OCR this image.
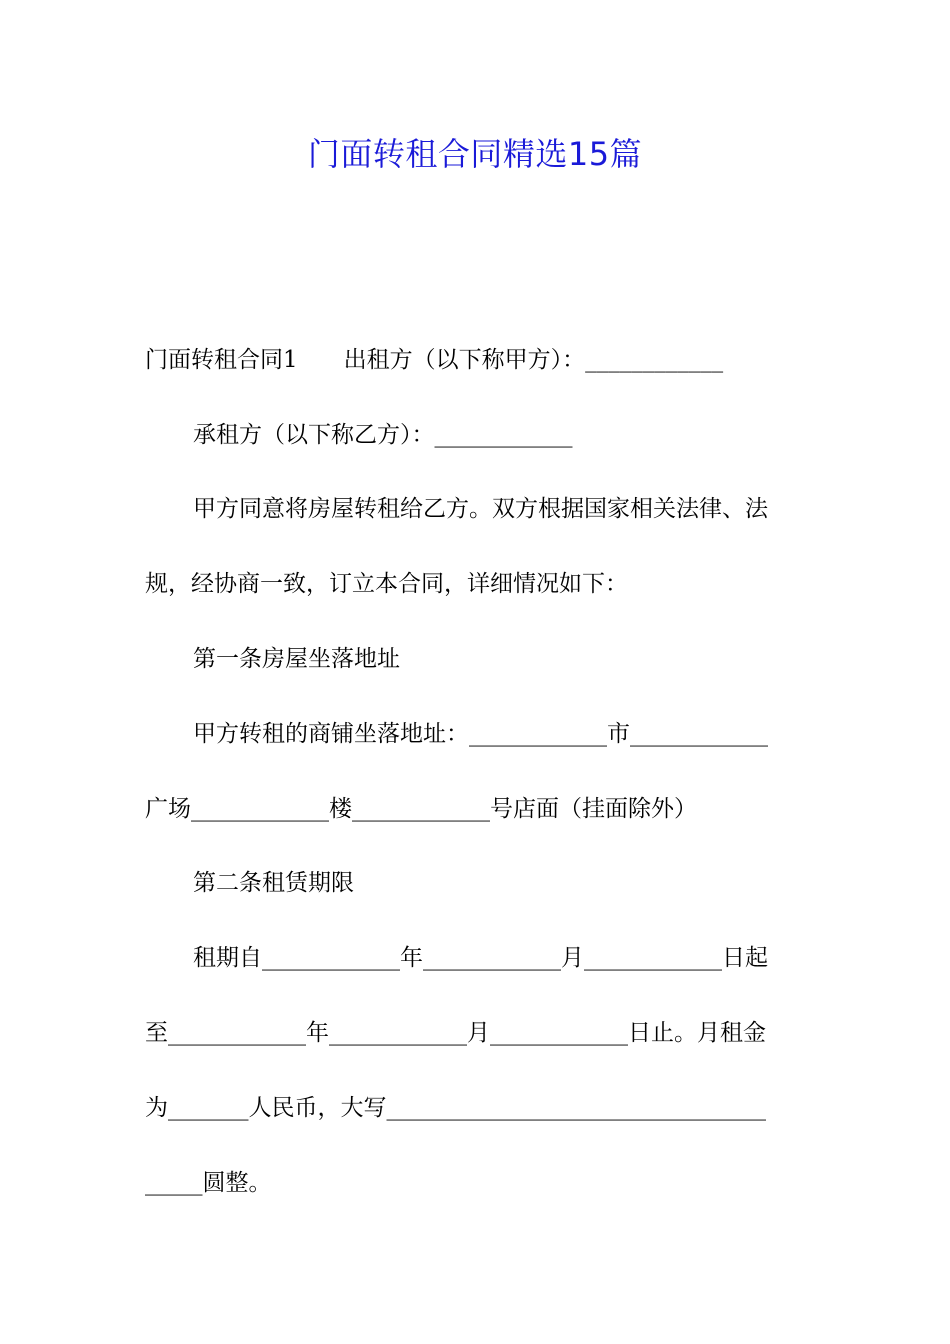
门面转租合同精选15篇
门面转租合同1 出租方（以下称甲方）：____________
承租方（以下称乙方）：____________
甲方同意将房屋转租给乙方。双方根据国家相关法律、法
规，经协商一致，订立本合同，详细情况如下：
第一条房屋坐落地址
甲方转租的商铺坐落地址：____________市____________
广场____________楼____________号店面（挂面除外）
第二条租赁期限
租期自____________年____________月____________日起
至____________年____________月____________日止。月租金
为_______人民币，大写_________________________________
_____圆整。
